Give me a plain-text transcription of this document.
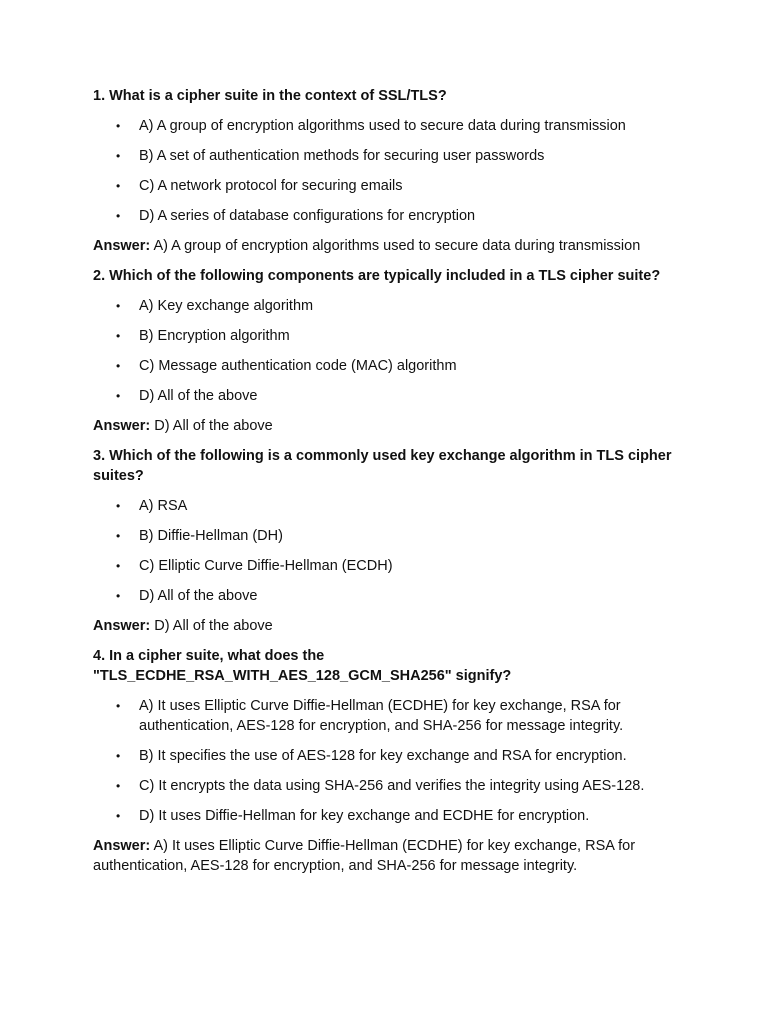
1. What is a cipher suite in the context of SSL/TLS?
• A) A group of encryption algorithms used to secure data during transmission
• B) A set of authentication methods for securing user passwords
• C) A network protocol for securing emails
• D) A series of database configurations for encryption
Answer: A) A group of encryption algorithms used to secure data during transmission
2. Which of the following components are typically included in a TLS cipher suite?
• A) Key exchange algorithm
• B) Encryption algorithm
• C) Message authentication code (MAC) algorithm
• D) All of the above
Answer: D) All of the above
3. Which of the following is a commonly used key exchange algorithm in TLS cipher suites?
• A) RSA
• B) Diffie-Hellman (DH)
• C) Elliptic Curve Diffie-Hellman (ECDH)
• D) All of the above
Answer: D) All of the above
4. In a cipher suite, what does the "TLS_ECDHE_RSA_WITH_AES_128_GCM_SHA256" signify?
• A) It uses Elliptic Curve Diffie-Hellman (ECDHE) for key exchange, RSA for authentication, AES-128 for encryption, and SHA-256 for message integrity.
• B) It specifies the use of AES-128 for key exchange and RSA for encryption.
• C) It encrypts the data using SHA-256 and verifies the integrity using AES-128.
• D) It uses Diffie-Hellman for key exchange and ECDHE for encryption.
Answer: A) It uses Elliptic Curve Diffie-Hellman (ECDHE) for key exchange, RSA for authentication, AES-128 for encryption, and SHA-256 for message integrity.
